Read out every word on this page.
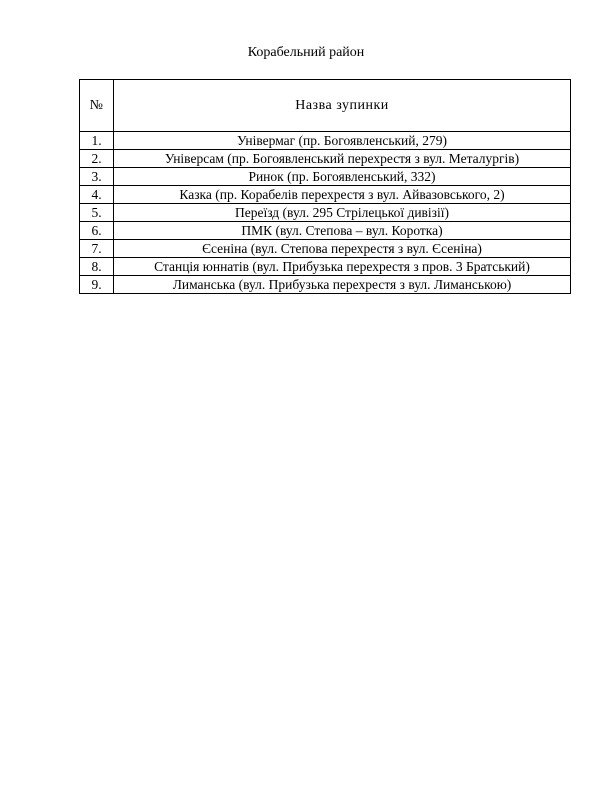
Корабельний район
№	Назва зупинки
1.	Універмаг (пр. Богоявленський, 279)
2.	Універсам (пр. Богоявленський перехрестя з вул. Металургів)
3.	Ринок (пр. Богоявленський, 332)
4.	Казка (пр. Корабелів перехрестя з вул. Айвазовського, 2)
5.	Переїзд (вул. 295 Стрілецької дивізії)
6.	ПМК (вул. Степова – вул. Коротка)
7.	Єсеніна (вул. Степова перехрестя з вул. Єсеніна)
8.	Станція юннатів (вул. Прибузька перехрестя з пров. 3 Братський)
9.	Лиманська (вул. Прибузька перехрестя з вул. Лиманською)
